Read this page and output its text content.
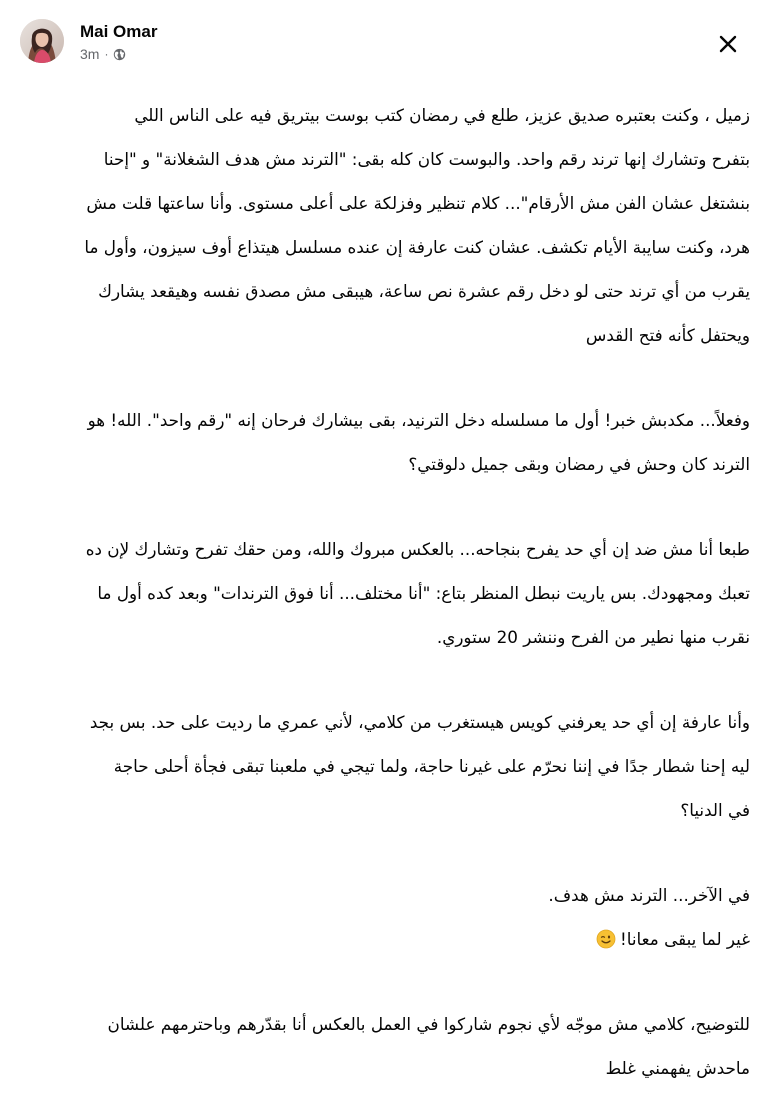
Mai Omar
3m ·

زميل ، وكنت بعتبره صديق عزيز، طلع في رمضان كتب بوست بيتريق فيه على الناس اللي

بتفرح وتشارك إنها ترند رقم واحد. والبوست كان كله بقى: "الترند مش هدف الشغلانة" و "إحنا

بنشتغل عشان الفن مش الأرقام"... كلام تنظير وفزلكة على أعلى مستوى. وأنا ساعتها قلت مش

هرد، وكنت سايبة الأيام تكشف. عشان كنت عارفة إن عنده مسلسل هيتذاع أوف سيزون، وأول ما

يقرب من أي ترند حتى لو دخل رقم عشرة نص ساعة، هيبقى مش مصدق نفسه وهيقعد يشارك

ويحتفل كأنه فتح القدس

وفعلاً... مكدبش خبر! أول ما مسلسله دخل الترنيد، بقى بيشارك فرحان إنه "رقم واحد". الله! هو

الترند كان وحش في رمضان وبقى جميل دلوقتي؟

طبعا أنا مش ضد إن أي حد يفرح بنجاحه... بالعكس مبروك والله، ومن حقك تفرح وتشارك لإن ده

تعبك ومجهودك. بس ياريت نبطل المنظر بتاع: "أنا مختلف... أنا فوق الترندات" وبعد كده أول ما

نقرب منها نطير من الفرح وننشر 20 ستوري.

وأنا عارفة إن أي حد يعرفني كويس هيستغرب من كلامي، لأني عمري ما رديت على حد. بس بجد

ليه إحنا شطار جدًا في إننا نحرّم على غيرنا حاجة، ولما تيجي في ملعبنا تبقى فجأة أحلى حاجة

في الدنيا؟

في الآخر... الترند مش هدف.

غير لما يبقى معانا!

للتوضيح، كلامي مش موجّه لأي نجوم شاركوا في العمل بالعكس أنا بقدّرهم وباحترمهم علشان

ماحدش يفهمني غلط
